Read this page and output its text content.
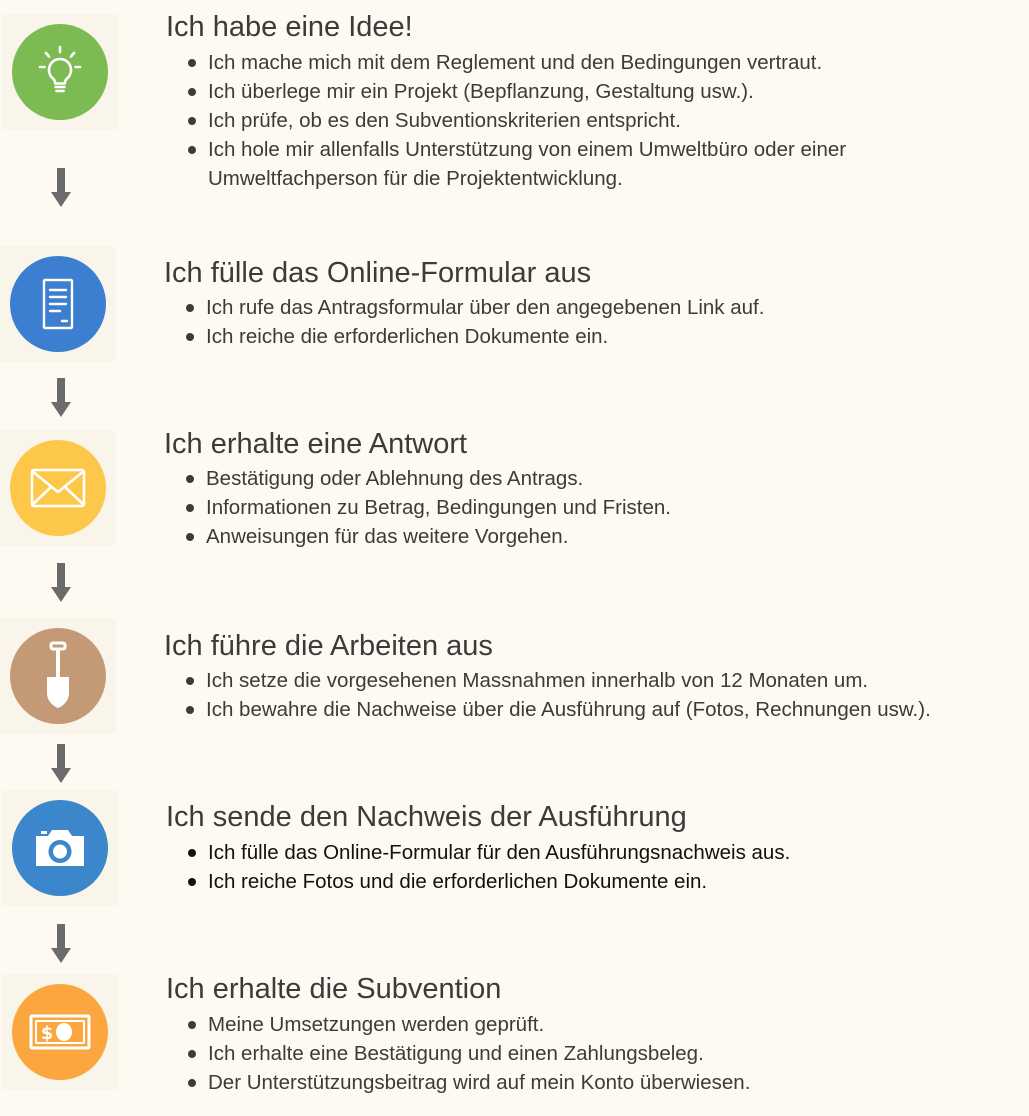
Ich habe eine Idee!
Ich mache mich mit dem Reglement und den Bedingungen vertraut.
Ich überlege mir ein Projekt (Bepflanzung, Gestaltung usw.).
Ich prüfe, ob es den Subventionskriterien entspricht.
Ich hole mir allenfalls Unterstützung von einem Umweltbüro oder einer
Umweltfachperson für die Projektentwicklung.
Ich fülle das Online-Formular aus
Ich rufe das Antragsformular über den angegebenen Link auf.
Ich reiche die erforderlichen Dokumente ein.
Ich erhalte eine Antwort
Bestätigung oder Ablehnung des Antrags.
Informationen zu Betrag, Bedingungen und Fristen.
Anweisungen für das weitere Vorgehen.
Ich führe die Arbeiten aus
Ich setze die vorgesehenen Massnahmen innerhalb von 12 Monaten um.
Ich bewahre die Nachweise über die Ausführung auf (Fotos, Rechnungen usw.).
Ich sende den Nachweis der Ausführung
Ich fülle das Online-Formular für den Ausführungsnachweis aus.
Ich reiche Fotos und die erforderlichen Dokumente ein.
$
Ich erhalte die Subvention
Meine Umsetzungen werden geprüft.
Ich erhalte eine Bestätigung und einen Zahlungsbeleg.
Der Unterstützungsbeitrag wird auf mein Konto überwiesen.
